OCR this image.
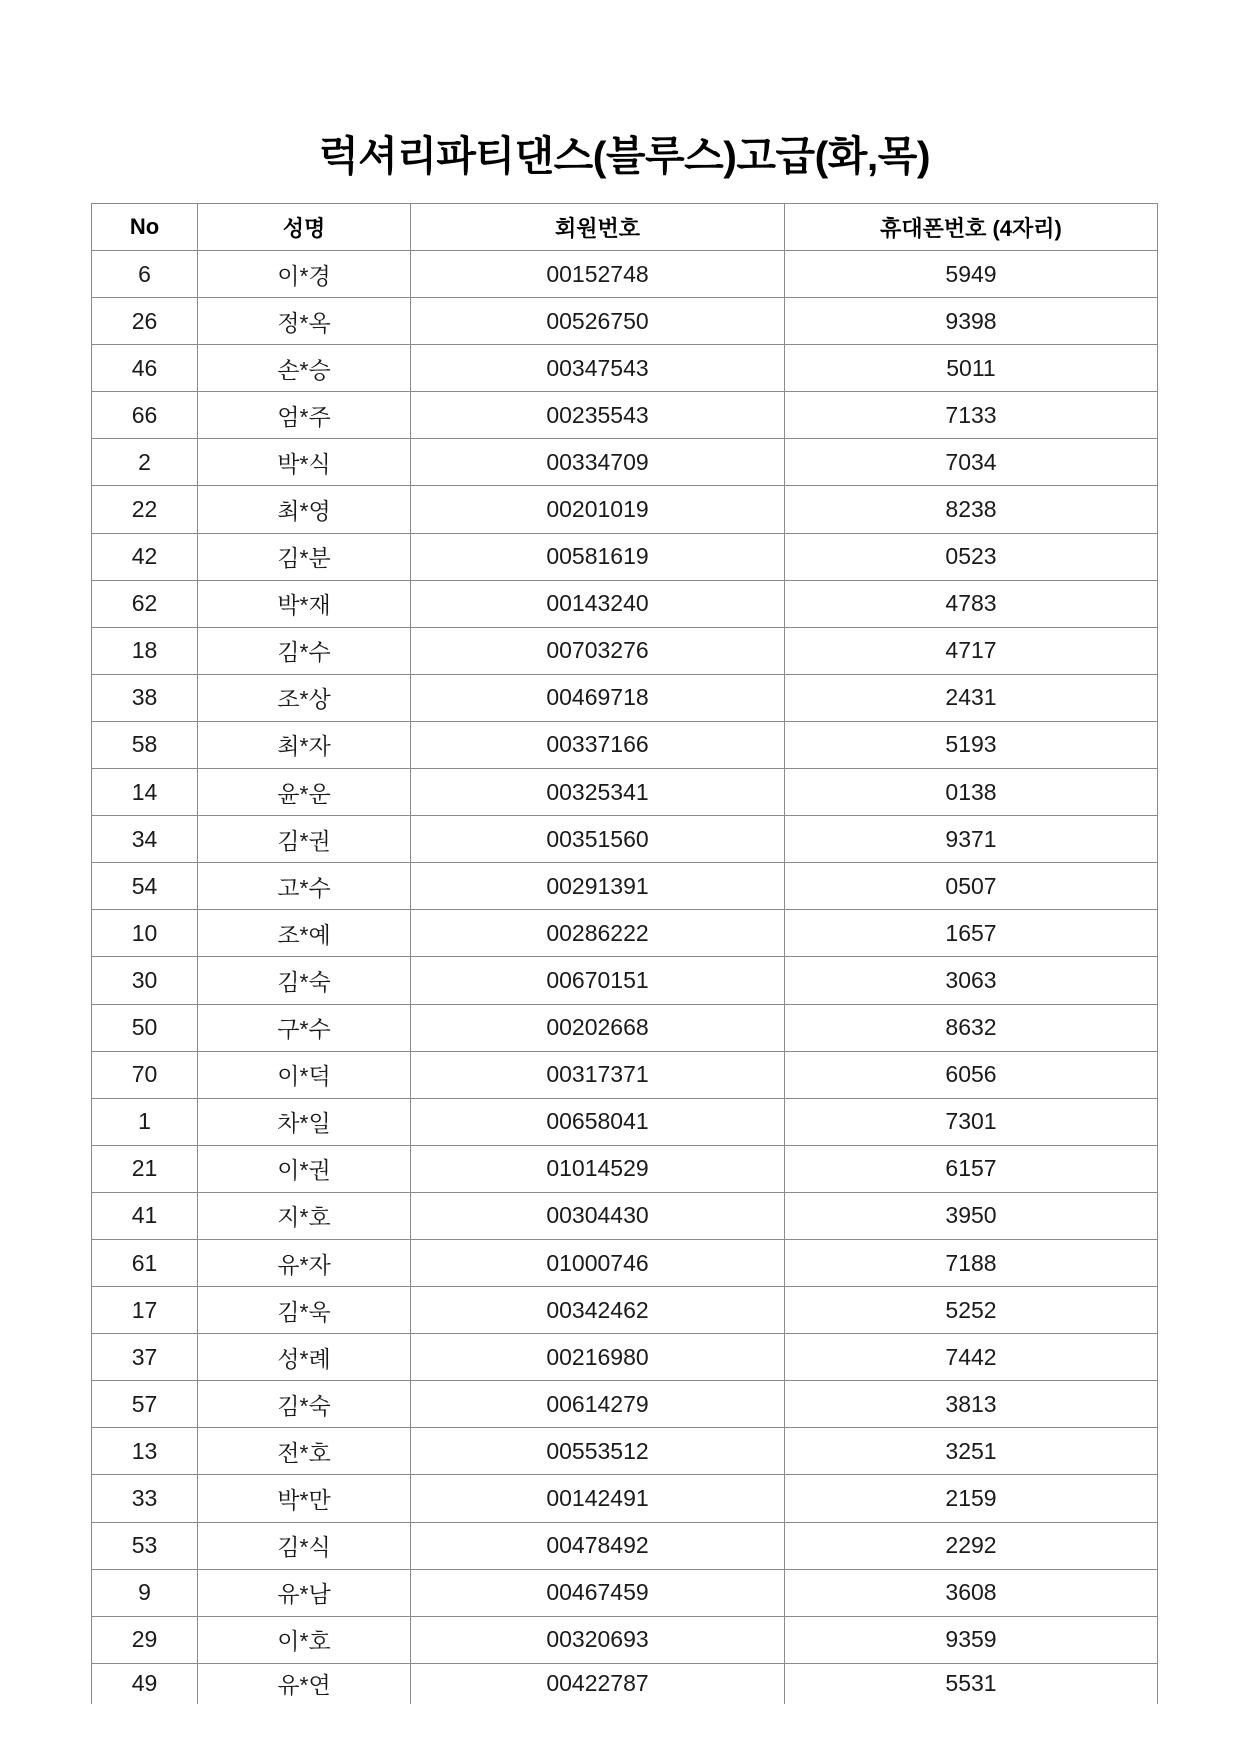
럭셔리파티댄스(블루스)고급(화,목)
No	성명	회원번호	휴대폰번호 (4자리)
6	이*경	00152748	5949
26	정*옥	00526750	9398
46	손*승	00347543	5011
66	엄*주	00235543	7133
2	박*식	00334709	7034
22	최*영	00201019	8238
42	김*분	00581619	0523
62	박*재	00143240	4783
18	김*수	00703276	4717
38	조*상	00469718	2431
58	최*자	00337166	5193
14	윤*운	00325341	0138
34	김*권	00351560	9371
54	고*수	00291391	0507
10	조*예	00286222	1657
30	김*숙	00670151	3063
50	구*수	00202668	8632
70	이*덕	00317371	6056
1	차*일	00658041	7301
21	이*권	01014529	6157
41	지*호	00304430	3950
61	유*자	01000746	7188
17	김*욱	00342462	5252
37	성*례	00216980	7442
57	김*숙	00614279	3813
13	전*호	00553512	3251
33	박*만	00142491	2159
53	김*식	00478492	2292
9	유*남	00467459	3608
29	이*호	00320693	9359
49	유*연	00422787	5531
